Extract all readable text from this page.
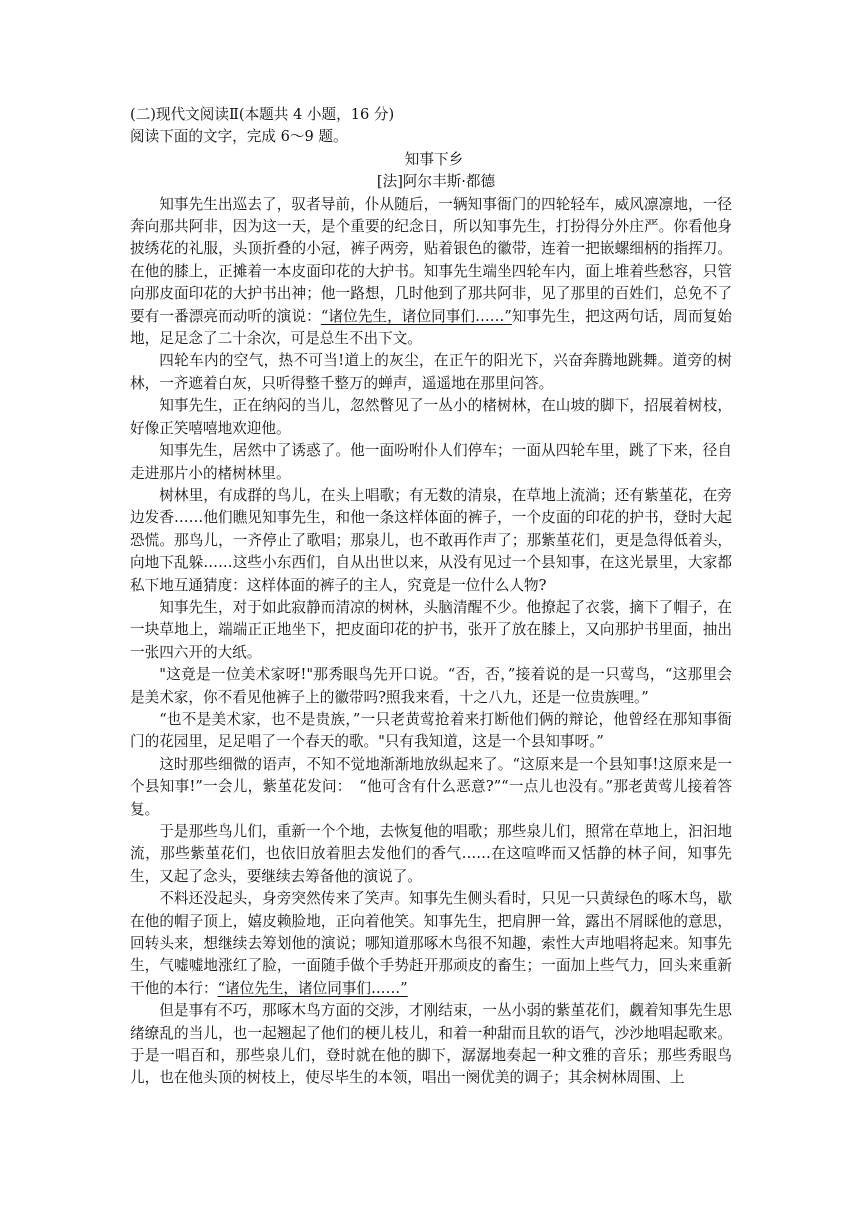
(二)现代文阅读Ⅱ(本题共 4 小题，16 分)

阅读下面的文字，完成 6～9 题。

知事下乡

[法]阿尔丰斯·都德

知事先生出巡去了，驭者导前，仆从随后，一辆知事衙门的四轮轻车，威风凛凛地，一径奔向那共阿非，因为这一天，是个重要的纪念日，所以知事先生，打扮得分外庄严。你看他身披绣花的礼服，头顶折叠的小冠，裤子两旁，贴着银色的徽带，连着一把嵌螺细柄的指挥刀。在他的膝上，正摊着一本皮面印花的大护书。知事先生端坐四轮车内，面上堆着些愁容，只管向那皮面印花的大护书出神；他一路想，几时他到了那共阿非，见了那里的百姓们，总免不了要有一番漂亮而动听的演说：“诸位先生，诸位同事们……”知事先生，把这两句话，周而复始地，足足念了二十余次，可是总生不出下文。

四轮车内的空气，热不可当!道上的灰尘，在正午的阳光下，兴奋奔腾地跳舞。道旁的树林，一齐遮着白灰，只听得整千整万的蝉声，遥遥地在那里问答。

知事先生，正在纳闷的当儿，忽然瞥见了一丛小的楮树林，在山坡的脚下，招展着树枝，好像正笑嘻嘻地欢迎他。

知事先生，居然中了诱惑了。他一面吩咐仆人们停车；一面从四轮车里，跳了下来，径自走进那片小的楮树林里。

树林里，有成群的鸟儿，在头上唱歌；有无数的清泉，在草地上流淌；还有紫堇花，在旁边发香……他们瞧见知事先生，和他一条这样体面的裤子，一个皮面的印花的护书，登时大起恐慌。那鸟儿，一齐停止了歌唱；那泉儿，也不敢再作声了；那紫堇花们，更是急得低着头，向地下乱躲……这些小东西们，自从出世以来，从没有见过一个县知事，在这光景里，大家都私下地互通猜度：这样体面的裤子的主人，究竟是一位什么人物?

知事先生，对于如此寂静而清凉的树林，头脑清醒不少。他撩起了衣裳，摘下了帽子，在一块草地上，端端正正地坐下，把皮面印花的护书，张开了放在膝上，又向那护书里面，抽出一张四六开的大纸。

"这竟是一位美术家呀!"那秀眼鸟先开口说。“否，否，”接着说的是一只莺鸟，“这那里会是美术家，你不看见他裤子上的徽带吗?照我来看，十之八九，还是一位贵族哩。”

“也不是美术家，也不是贵族，”一只老黄莺抢着来打断他们俩的辩论，他曾经在那知事衙门的花园里，足足唱了一个春天的歌。"只有我知道，这是一个县知事呀。”

这时那些细微的语声，不知不觉地渐渐地放纵起来了。“这原来是一个县知事!这原来是一个县知事!”一会儿，紫堇花发问：　“他可含有什么恶意?”“一点儿也没有。”那老黄莺儿接着答复。

于是那些鸟儿们，重新一个个地，去恢复他的唱歌；那些泉儿们，照常在草地上，汩汩地流，那些紫堇花们，也依旧放着胆去发他们的香气……在这喧哗而又恬静的林子间，知事先生，又起了念头，要继续去筹备他的演说了。

不料还没起头，身旁突然传来了笑声。知事先生侧头看时，只见一只黄绿色的啄木鸟，歇在他的帽子顶上，嬉皮赖脸地，正向着他笑。知事先生，把肩胛一耸，露出不屑睬他的意思，回转头来，想继续去筹划他的演说；哪知道那啄木鸟很不知趣，索性大声地唱将起来。知事先生，气嘘嘘地涨红了脸，一面随手做个手势赶开那顽皮的畜生；一面加上些气力，回头来重新干他的本行：“诸位先生，诸位同事们……”

但是事有不巧，那啄木鸟方面的交涉，才刚结束，一丛小弱的紫堇花们，觑着知事先生思绪缭乱的当儿，也一起翘起了他们的梗儿枝儿，和着一种甜而且软的语气，沙沙地唱起歌来。于是一唱百和，那些泉儿们，登时就在他的脚下，潺潺地奏起一种文雅的音乐；那些秀眼鸟儿，也在他头顶的树枝上，使尽毕生的本领，唱出一阕优美的调子；其余树林周围、上
